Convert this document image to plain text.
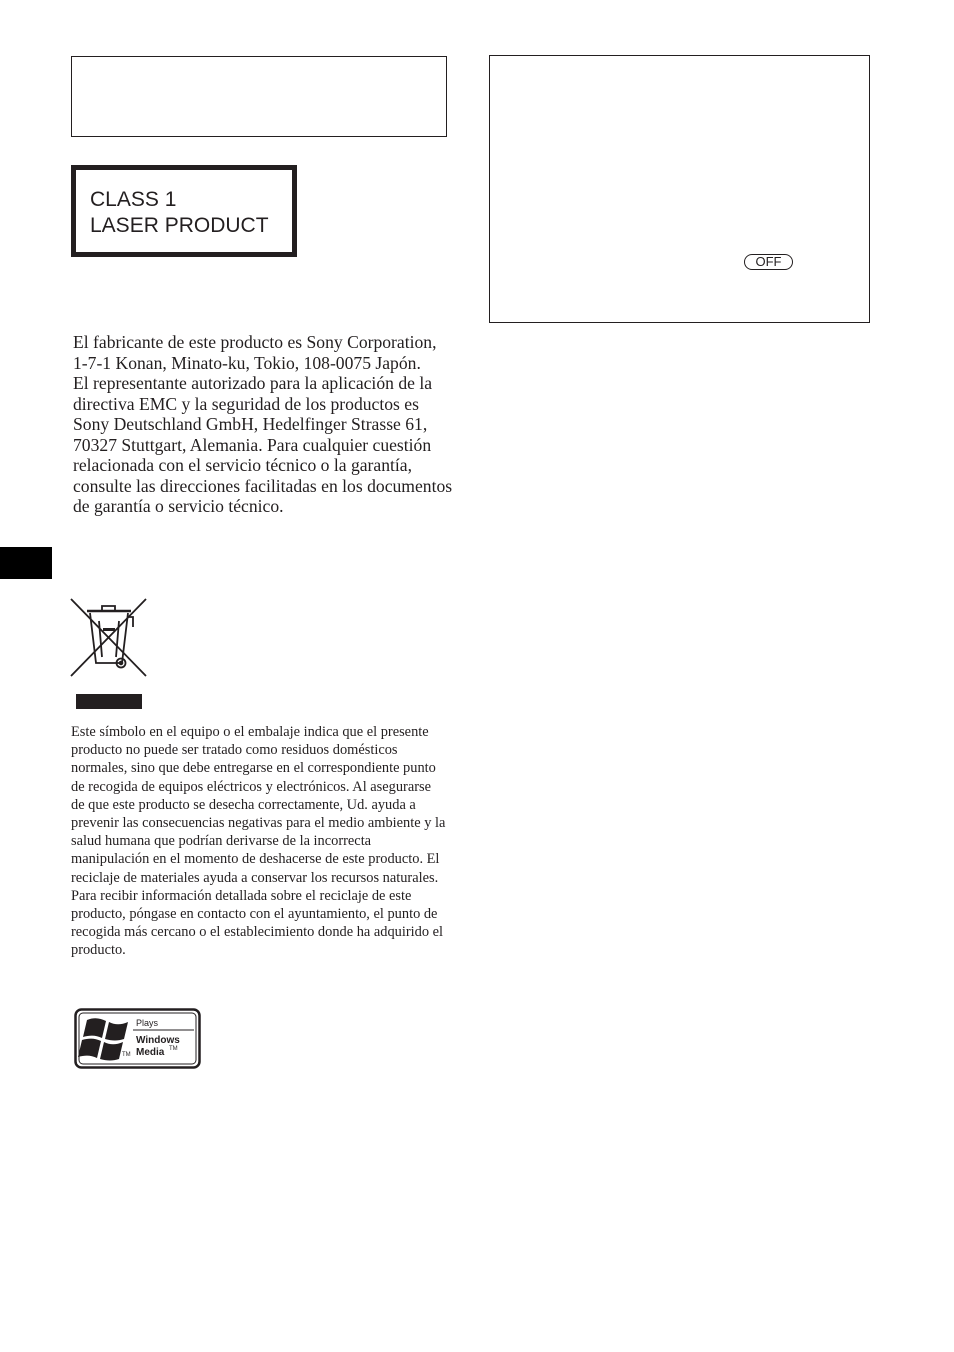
OFF
CLASS 1
LASER PRODUCT

El fabricante de este producto es Sony Corporation, 1-7-1 Konan, Minato-ku, Tokio, 108-0075 Japón.

El representante autorizado para la aplicación de la directiva EMC y la seguridad de los productos es Sony Deutschland GmbH, Hedelfinger Strasse 61, 70327 Stuttgart, Alemania. Para cualquier cuestión relacionada con el servicio técnico o la garantía, consulte las direcciones facilitadas en los documentos de garantía o servicio técnico.

Este símbolo en el equipo o el embalaje indica que el presente producto no puede ser tratado como residuos domésticos normales, sino que debe entregarse en el correspondiente punto de recogida de equipos eléctricos y electrónicos. Al asegurarse de que este producto se desecha correctamente, Ud. ayuda a prevenir las consecuencias negativas para el medio ambiente y la salud humana que podrían derivarse de la incorrecta manipulación en el momento de deshacerse de este producto. El reciclaje de materiales ayuda a conservar los recursos naturales. Para recibir información detallada sobre el reciclaje de este producto, póngase en contacto con el ayuntamiento, el punto de recogida más cercano o el establecimiento donde ha adquirido el producto.

Plays
Windows
Media TM
TM
